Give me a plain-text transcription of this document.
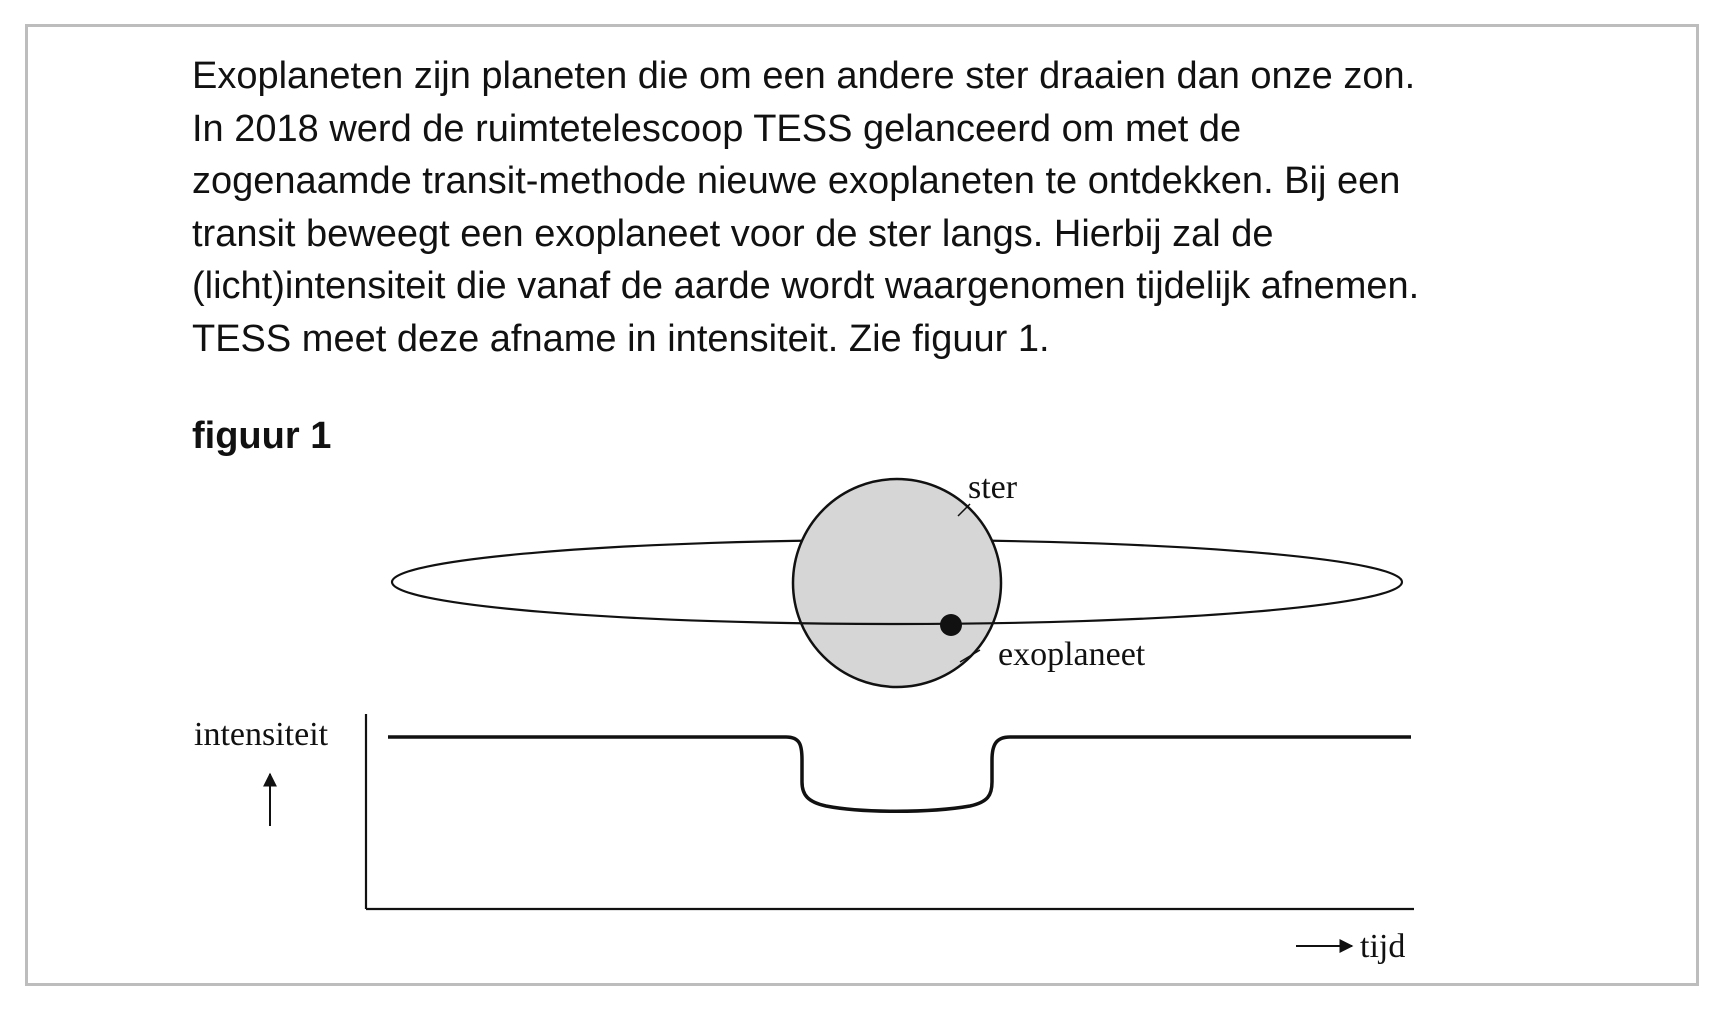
Exoplaneten zijn planeten die om een andere ster draaien dan onze zon.
In 2018 werd de ruimtetelescoop TESS gelanceerd om met de
zogenaamde transit-methode nieuwe exoplaneten te ontdekken. Bij een
transit beweegt een exoplaneet voor de ster langs. Hierbij zal de
(licht)intensiteit die vanaf de aarde wordt waargenomen tijdelijk afnemen.
TESS meet deze afname in intensiteit. Zie figuur 1.

figuur 1

ster
exoplaneet
intensiteit
tijd
